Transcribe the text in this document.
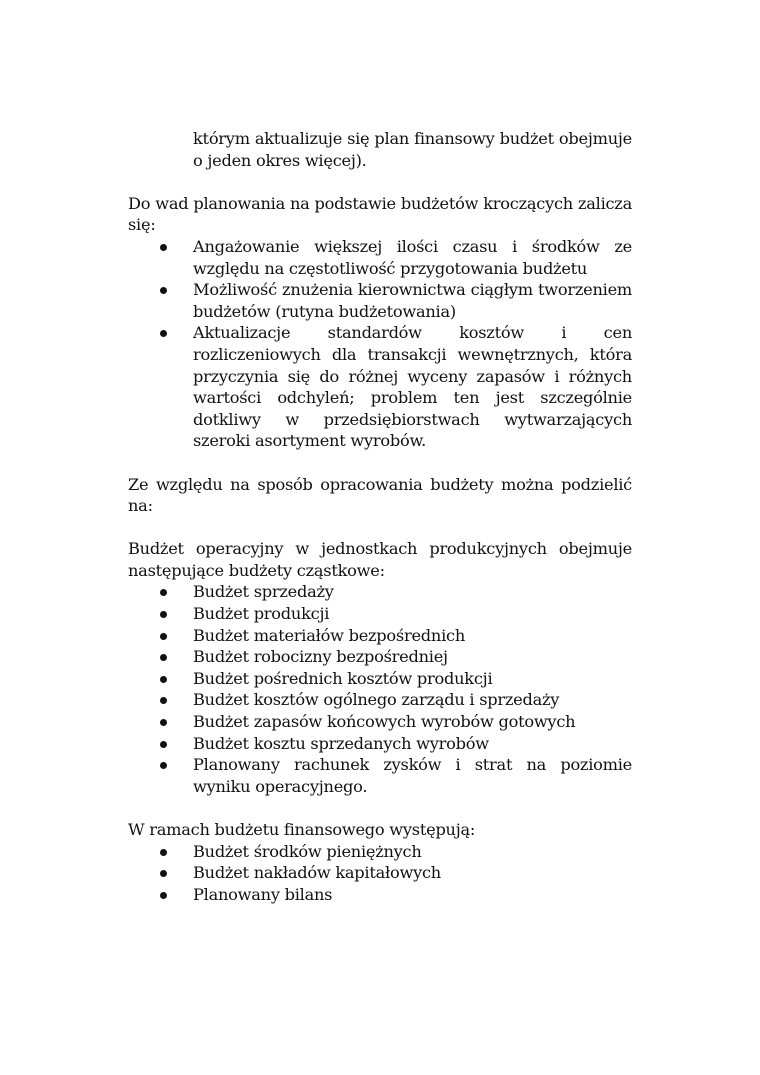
którym aktualizuje się plan finansowy budżet obejmuje o jeden okres więcej).

Do wad planowania na podstawie budżetów kroczących zalicza się:

Angażowanie większej ilości czasu i środków ze względu na częstotliwość przygotowania budżetu
Możliwość znużenia kierownictwa ciągłym tworzeniem budżetów (rutyna budżetowania)
Aktualizacje standardów kosztów i cen rozliczeniowych dla transakcji wewnętrznych, która przyczynia się do różnej wyceny zapasów i różnych wartości odchyleń; problem ten jest szczególnie dotkliwy w przedsiębiorstwach wytwarzających szeroki asortyment wyrobów.

Ze względu na sposób opracowania budżety można podzielić na:

Budżet operacyjny w jednostkach produkcyjnych obejmuje następujące budżety cząstkowe:

Budżet sprzedaży
Budżet produkcji
Budżet materiałów bezpośrednich
Budżet robocizny bezpośredniej
Budżet pośrednich kosztów produkcji
Budżet kosztów ogólnego zarządu i sprzedaży
Budżet zapasów końcowych wyrobów gotowych
Budżet kosztu sprzedanych wyrobów
Planowany rachunek zysków i strat na poziomie wyniku operacyjnego.

W ramach budżetu finansowego występują:

Budżet środków pieniężnych
Budżet nakładów kapitałowych
Planowany bilans
